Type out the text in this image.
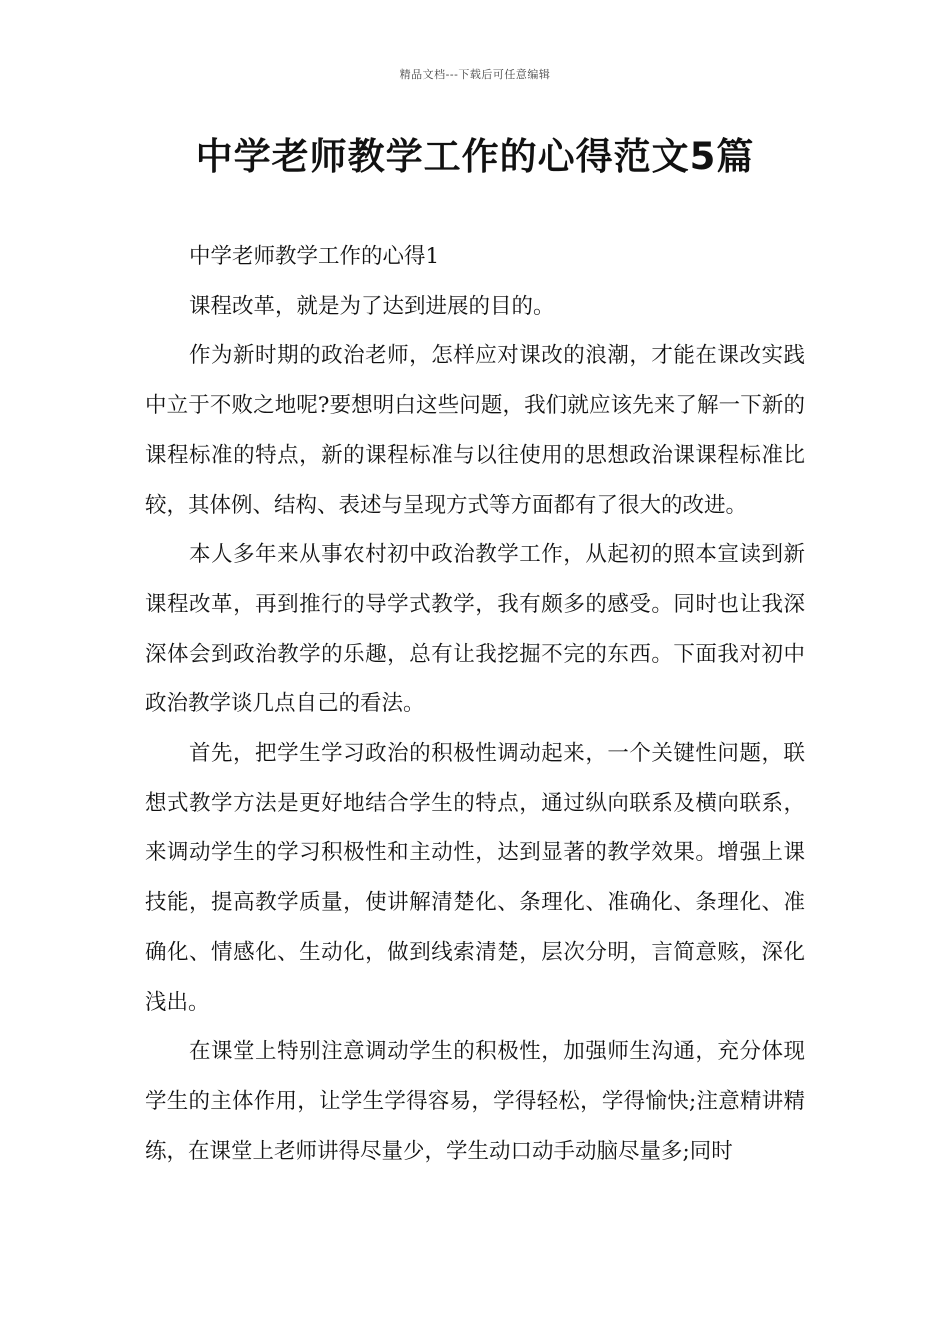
精品文档---下载后可任意编辑
中学老师教学工作的心得范文5篇

中学老师教学工作的心得1

课程改革，就是为了达到进展的目的。

作为新时期的政治老师，怎样应对课改的浪潮，才能在课改实践中立于不败之地呢?要想明白这些问题，我们就应该先来了解一下新的课程标准的特点，新的课程标准与以往使用的思想政治课课程标准比较，其体例、结构、表述与呈现方式等方面都有了很大的改进。

本人多年来从事农村初中政治教学工作，从起初的照本宣读到新课程改革，再到推行的导学式教学，我有颇多的感受。同时也让我深深体会到政治教学的乐趣，总有让我挖掘不完的东西。下面我对初中政治教学谈几点自己的看法。

首先，把学生学习政治的积极性调动起来，一个关键性问题，联想式教学方法是更好地结合学生的特点，通过纵向联系及横向联系，来调动学生的学习积极性和主动性，达到显著的教学效果。增强上课技能，提高教学质量，使讲解清楚化、条理化、准确化、条理化、准确化、情感化、生动化，做到线索清楚，层次分明，言简意赅，深化浅出。

在课堂上特别注意调动学生的积极性，加强师生沟通，充分体现学生的主体作用，让学生学得容易，学得轻松，学得愉快;注意精讲精练，在课堂上老师讲得尽量少，学生动口动手动脑尽量多;同时
